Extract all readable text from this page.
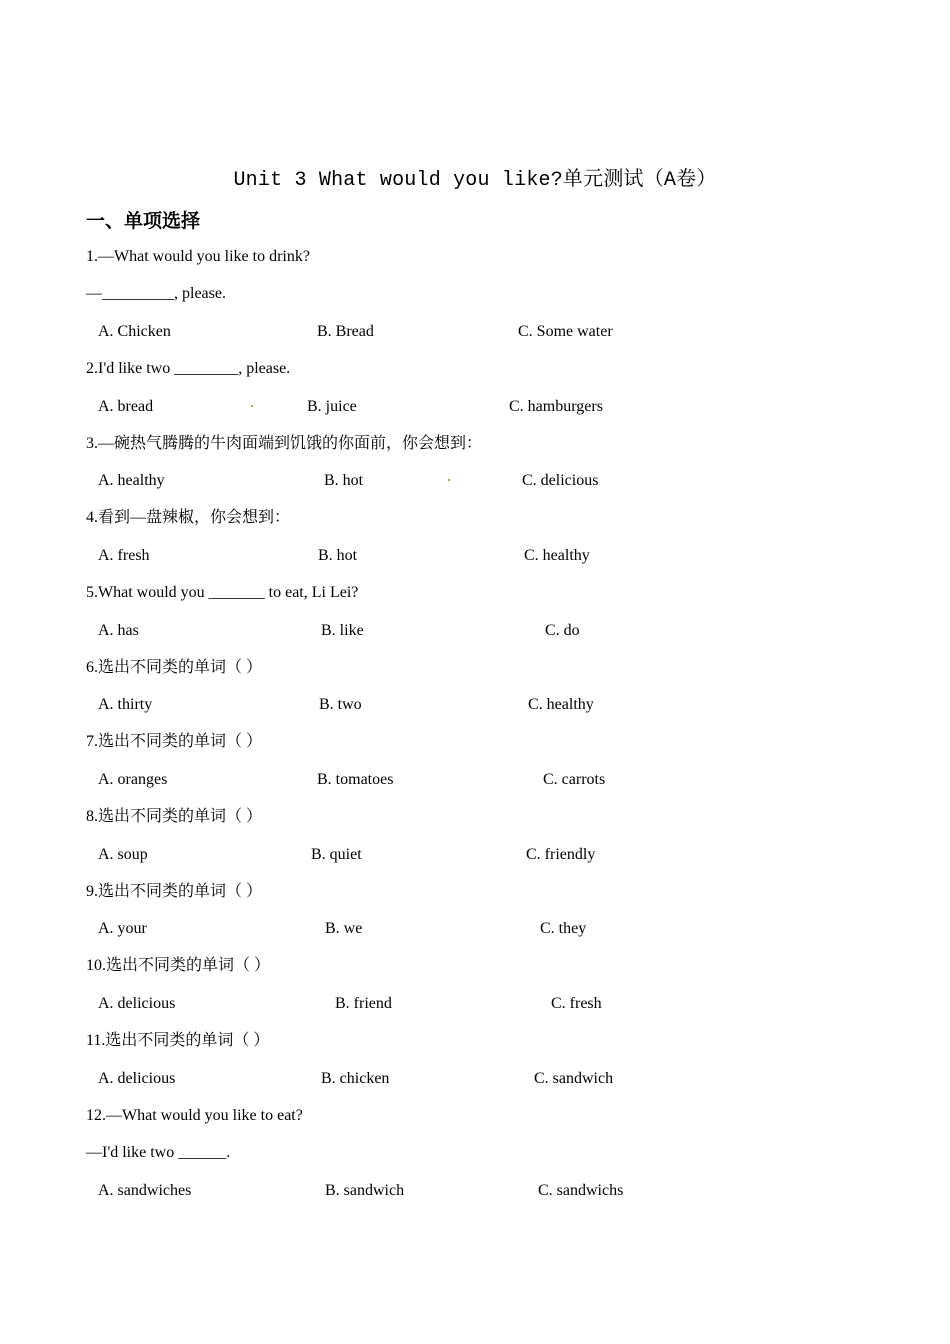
Unit 3 What would you like?单元测试（A卷）
一、单项选择
1.—What would you like to drink?
—_________, please.
A. Chicken	B. Bread	C. Some water
2.I'd like two ________, please.
A. bread	B. juice	C. hamburgers
3.—碗热气腾腾的牛肉面端到饥饿的你面前，你会想到：
A. healthy	B. hot	C. delicious
4.看到—盘辣椒，你会想到：
A. fresh	B. hot	C. healthy
5.What would you _______ to eat, Li Lei?
A. has	B. like	C. do
6.选出不同类的单词（ ）
A. thirty	B. two	C. healthy
7.选出不同类的单词（ ）
A. oranges	B. tomatoes	C. carrots
8.选出不同类的单词（ ）
A. soup	B. quiet	C. friendly
9.选出不同类的单词（ ）
A. your	B. we	C. they
10.选出不同类的单词（ ）
A. delicious	B. friend	C. fresh
11.选出不同类的单词（ ）
A. delicious	B. chicken	C. sandwich
12.—What would you like to eat?
—I'd like two ______.
A. sandwiches	B. sandwich	C. sandwichs
